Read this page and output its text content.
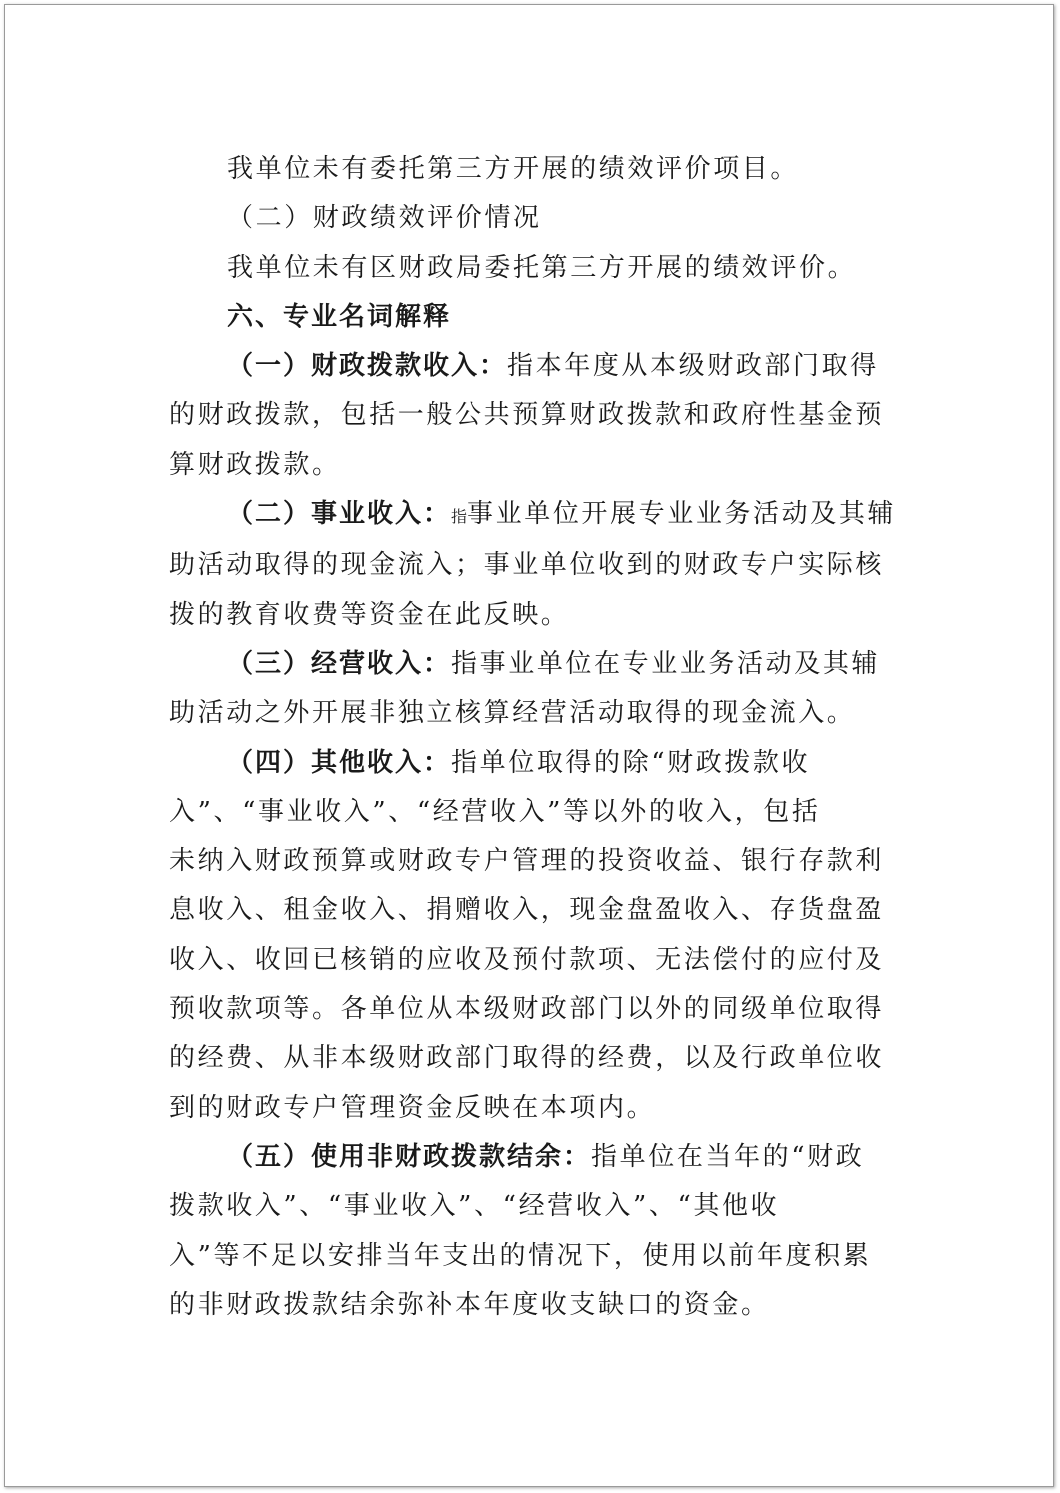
我单位未有委托第三方开展的绩效评价项目。

（二）财政绩效评价情况

我单位未有区财政局委托第三方开展的绩效评价。

六、专业名词解释

（一）财政拨款收入：指本年度从本级财政部门取得
的财政拨款，包括一般公共预算财政拨款和政府性基金预
算财政拨款。

（二）事业收入：指事业单位开展专业业务活动及其辅
助活动取得的现金流入；事业单位收到的财政专户实际核
拨的教育收费等资金在此反映。

（三）经营收入：指事业单位在专业业务活动及其辅
助活动之外开展非独立核算经营活动取得的现金流入。

（四）其他收入：指单位取得的除“财政拨款收
入”、“事业收入”、“经营收入”等以外的收入，包括
未纳入财政预算或财政专户管理的投资收益、银行存款利
息收入、租金收入、捐赠收入，现金盘盈收入、存货盘盈
收入、收回已核销的应收及预付款项、无法偿付的应付及
预收款项等。各单位从本级财政部门以外的同级单位取得
的经费、从非本级财政部门取得的经费，以及行政单位收
到的财政专户管理资金反映在本项内。

（五）使用非财政拨款结余：指单位在当年的“财政
拨款收入”、“事业收入”、“经营收入”、“其他收
入”等不足以安排当年支出的情况下，使用以前年度积累
的非财政拨款结余弥补本年度收支缺口的资金。
